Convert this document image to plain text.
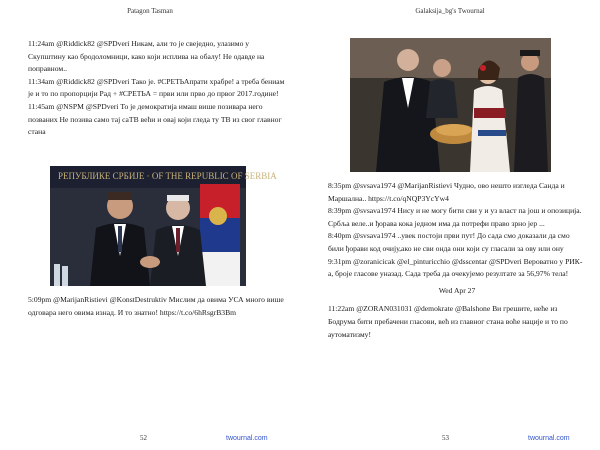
Patagon Tasman

11:24am @Riddick82 @SPDveri Никам, али то је свеједно, улазимо у Скупштину као бродоломници, како који исплива на обалу! Не одавде на поправном..

11:34am @Riddick82 @SPDveri Тако је. #СРЕТЬАпрати храбре! а треба бениам је и то по пропорцији Рад + #СРЕТЬА = први или прво до првог 2017.године!

11:45am @NSPM @SPDveri То је демократија имаш више позивара него позваних Не позива само тај саТВ већи и овај који гледа ту ТВ из свог главног стана

РЕПУБЛИКЕ СРБИЈЕ · OF THE REPUBLIC OF SERBIA

5:09pm @MarijanRistievi @KonstDestruktiv Мислим да овима УСА много више одговара него овима изнад. И то знатно! https://t.co/6hRsgrB3Bm

52	twournal.com
Galaksija_bg's Twournal

8:35pm @svsava1974 @MarijanRistievi Чудно, ово нешто изгледа Санда и Маршална.. https://t.co/qNQP3YcYw4

8:39pm @svsava1974 Нису и не могу бити сви у и уз власт па још и опозиција. Србља веле..и ђорава кока једном има да потрефи право зрно јер ...

8:40pm @svsava1974 ..увек постоји први пут! До сада смо доказали да смо били ђорави код очију,ако не сви онда они који су гласали за ову или ону

9:31pm @zoranicicak @el_pinturicchio @dsscentar @SPDveri Вероватно у РИК-а, броје гласове уназад. Сада треба да очекујемо резултате за 56,97% тела!

Wed Apr 27

11:22am @ZORAN031031 @demokrate @Balshone Ви грешите, неће из Бодрума бити пребачени гласови, већ из главног стана воће нације и то по аутоматизму!

53	twournal.com
